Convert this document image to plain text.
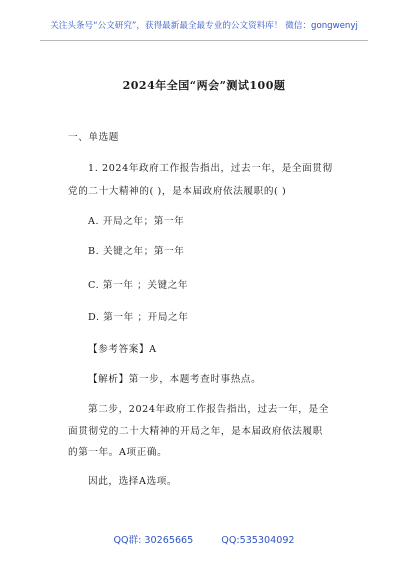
关注头条号“公文研究”，获得最新最全最专业的公文资料库！ 微信：gongwenyj
2024年全国“两会”测试100题
一、单选题
1. 2024年政府工作报告指出，过去一年，是全面贯彻
党的二十大精神的( )，是本届政府依法履职的( )
A. 开局之年；第一年
B. 关键之年；第一年
C. 第一年 ；关键之年
D. 第一年 ；开局之年
【参考答案】A
【解析】第一步，本题考查时事热点。
第二步，2024年政府工作报告指出，过去一年，是全
面贯彻党的二十大精神的开局之年，是本届政府依法履职
的第一年。A项正确。
因此，选择A选项。
QQ群: 30265665	QQ:535304092
